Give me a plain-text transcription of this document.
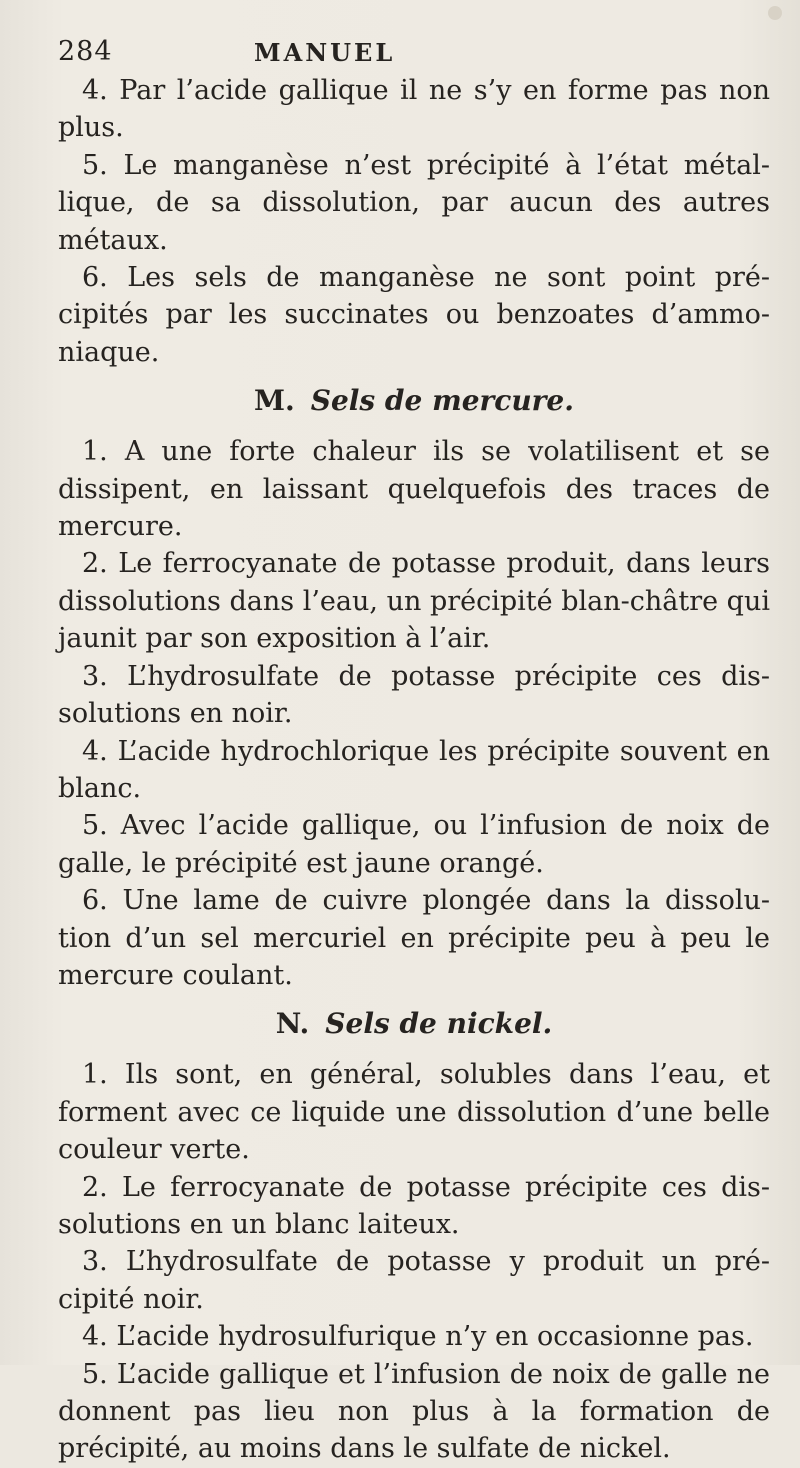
284	MANUEL

4. Par l’acide gallique il ne s’y en forme pas non plus.

5. Le manganèse n’est précipité à l’état métal-lique, de sa dissolution, par aucun des autres métaux.

6. Les sels de manganèse ne sont point pré-cipités par les succinates ou benzoates d’ammo-niaque.

M. Sels de mercure.

1. A une forte chaleur ils se volatilisent et se dissipent, en laissant quelquefois des traces de mercure.

2. Le ferrocyanate de potasse produit, dans leurs dissolutions dans l’eau, un précipité blan-châtre qui jaunit par son exposition à l’air.

3. L’hydrosulfate de potasse précipite ces dis-solutions en noir.

4. L’acide hydrochlorique les précipite souvent en blanc.

5. Avec l’acide gallique, ou l’infusion de noix de galle, le précipité est jaune orangé.

6. Une lame de cuivre plongée dans la dissolu-tion d’un sel mercuriel en précipite peu à peu le mercure coulant.

N. Sels de nickel.

1. Ils sont, en général, solubles dans l’eau, et forment avec ce liquide une dissolution d’une belle couleur verte.

2. Le ferrocyanate de potasse précipite ces dis-solutions en un blanc laiteux.

3. L’hydrosulfate de potasse y produit un pré-cipité noir.

4. L’acide hydrosulfurique n’y en occasionne pas.

5. L’acide gallique et l’infusion de noix de galle ne donnent pas lieu non plus à la formation de précipité, au moins dans le sulfate de nickel.
